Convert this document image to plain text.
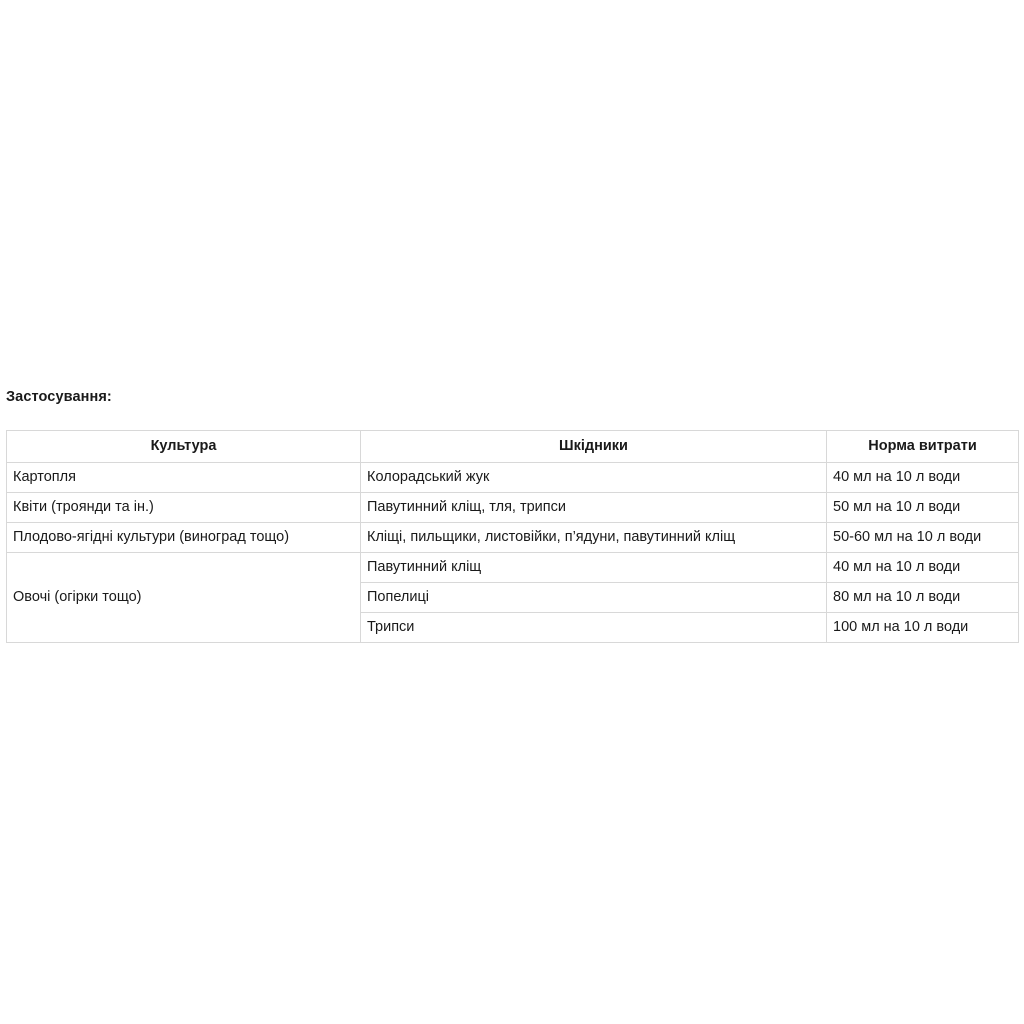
Застосування:
Культура	Шкідники	Норма витрати
Картопля	Колорадський жук	40 мл на 10 л води
Квіти (троянди та ін.)	Павутинний кліщ, тля, трипси	50 мл на 10 л води
Плодово-ягідні культури (виноград тощо)	Кліщі, пильщики, листовійки, п’ядуни, павутинний кліщ	50-60 мл на 10 л води
Овочі (огірки тощо)	Павутинний кліщ	40 мл на 10 л води
	Попелиці	80 мл на 10 л води
	Трипси	100 мл на 10 л води
